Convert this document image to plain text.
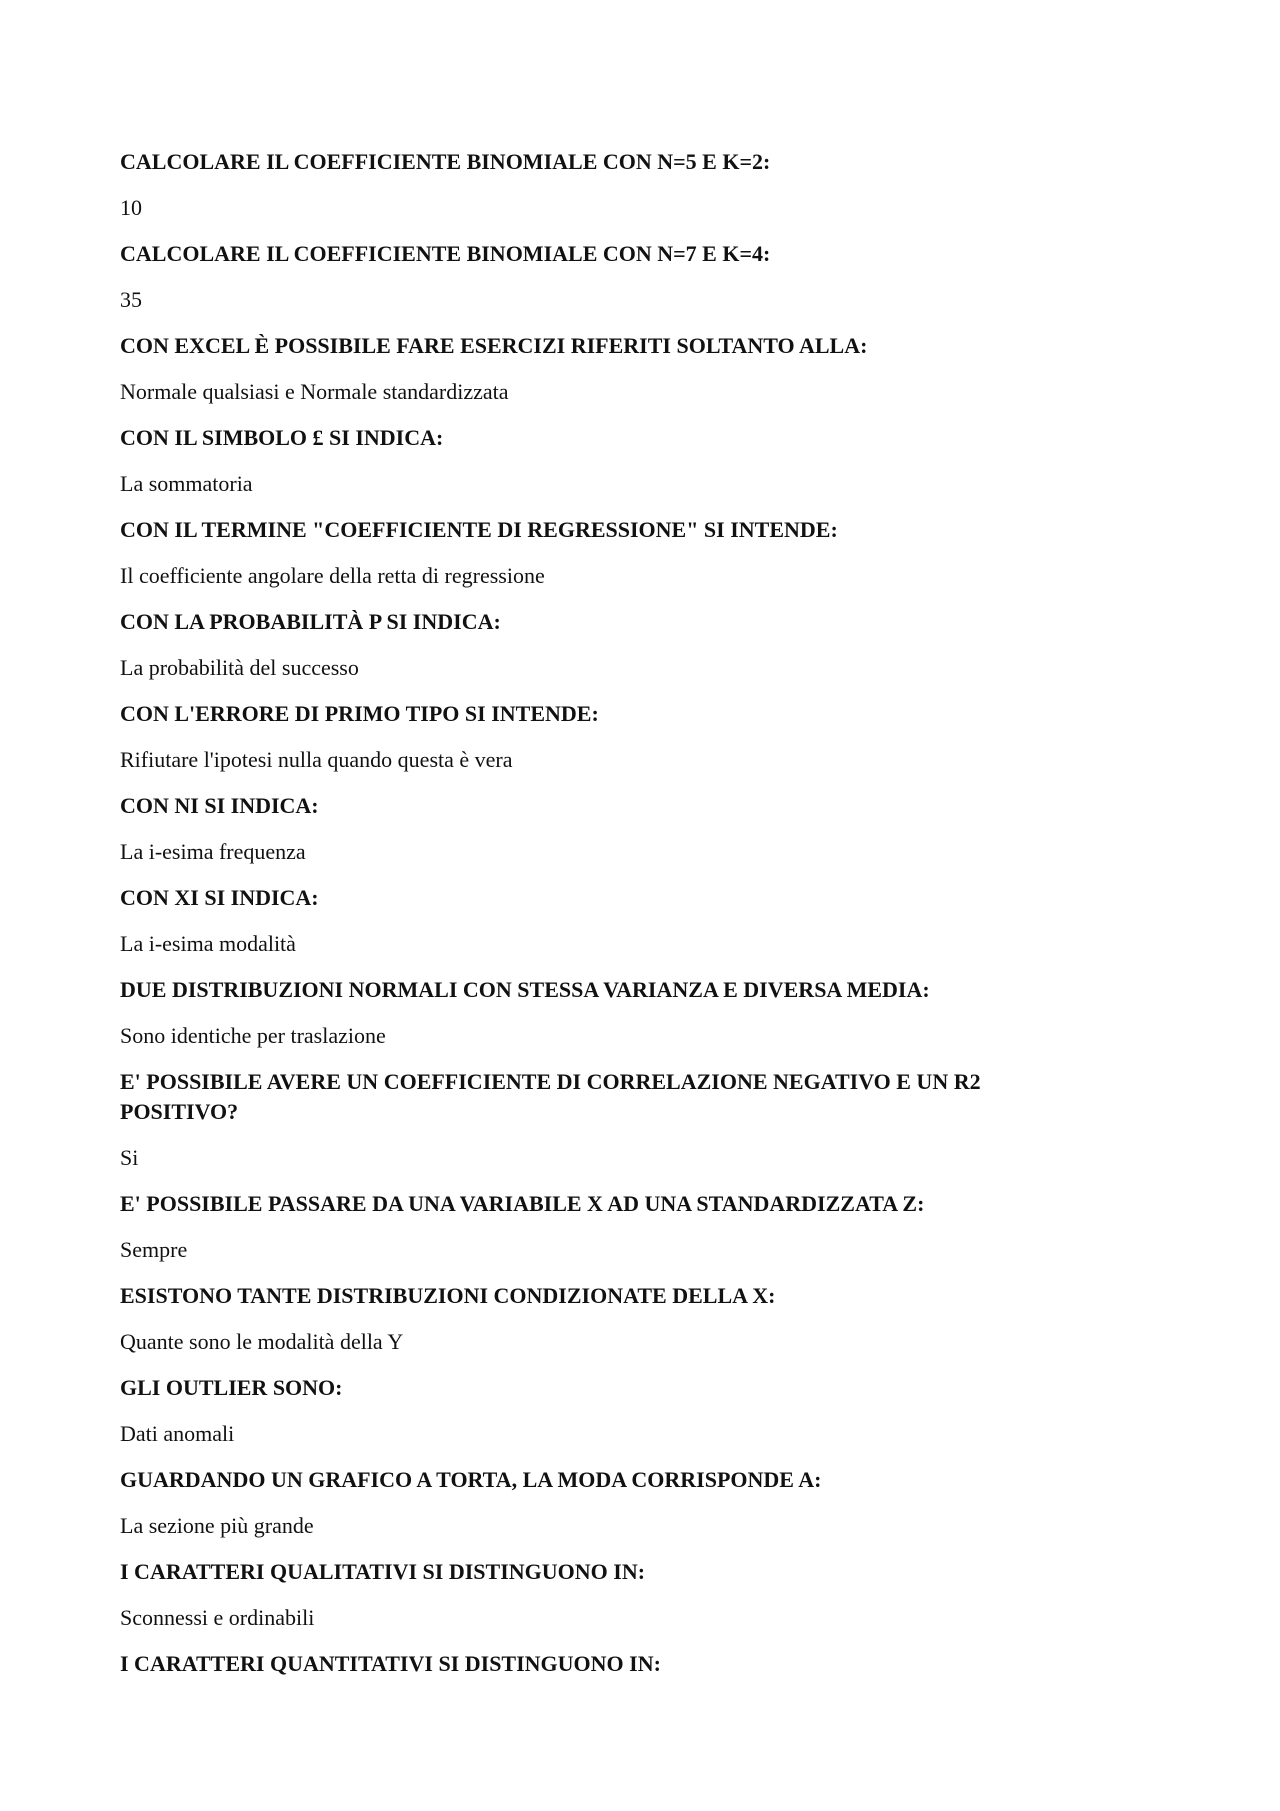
CALCOLARE IL COEFFICIENTE BINOMIALE CON N=5 E K=2:

10

CALCOLARE IL COEFFICIENTE BINOMIALE CON N=7 E K=4:

35

CON EXCEL È POSSIBILE FARE ESERCIZI RIFERITI SOLTANTO ALLA:

Normale qualsiasi e Normale standardizzata

CON IL SIMBOLO £ SI INDICA:

La sommatoria

CON IL TERMINE "COEFFICIENTE DI REGRESSIONE" SI INTENDE:

Il coefficiente angolare della retta di regressione

CON LA PROBABILITÀ P SI INDICA:

La probabilità del successo

CON L'ERRORE DI PRIMO TIPO SI INTENDE:

Rifiutare l'ipotesi nulla quando questa è vera

CON NI SI INDICA:

La i-esima frequenza

CON XI SI INDICA:

La i-esima modalità

DUE DISTRIBUZIONI NORMALI CON STESSA VARIANZA E DIVERSA MEDIA:

Sono identiche per traslazione

E' POSSIBILE AVERE UN COEFFICIENTE DI CORRELAZIONE NEGATIVO E UN R2 POSITIVO?

Si

E' POSSIBILE PASSARE DA UNA VARIABILE X AD UNA STANDARDIZZATA Z:

Sempre

ESISTONO TANTE DISTRIBUZIONI CONDIZIONATE DELLA X:

Quante sono le modalità della Y

GLI OUTLIER SONO:

Dati anomali

GUARDANDO UN GRAFICO A TORTA, LA MODA CORRISPONDE A:

La sezione più grande

I CARATTERI QUALITATIVI SI DISTINGUONO IN:

Sconnessi e ordinabili

I CARATTERI QUANTITATIVI SI DISTINGUONO IN:
